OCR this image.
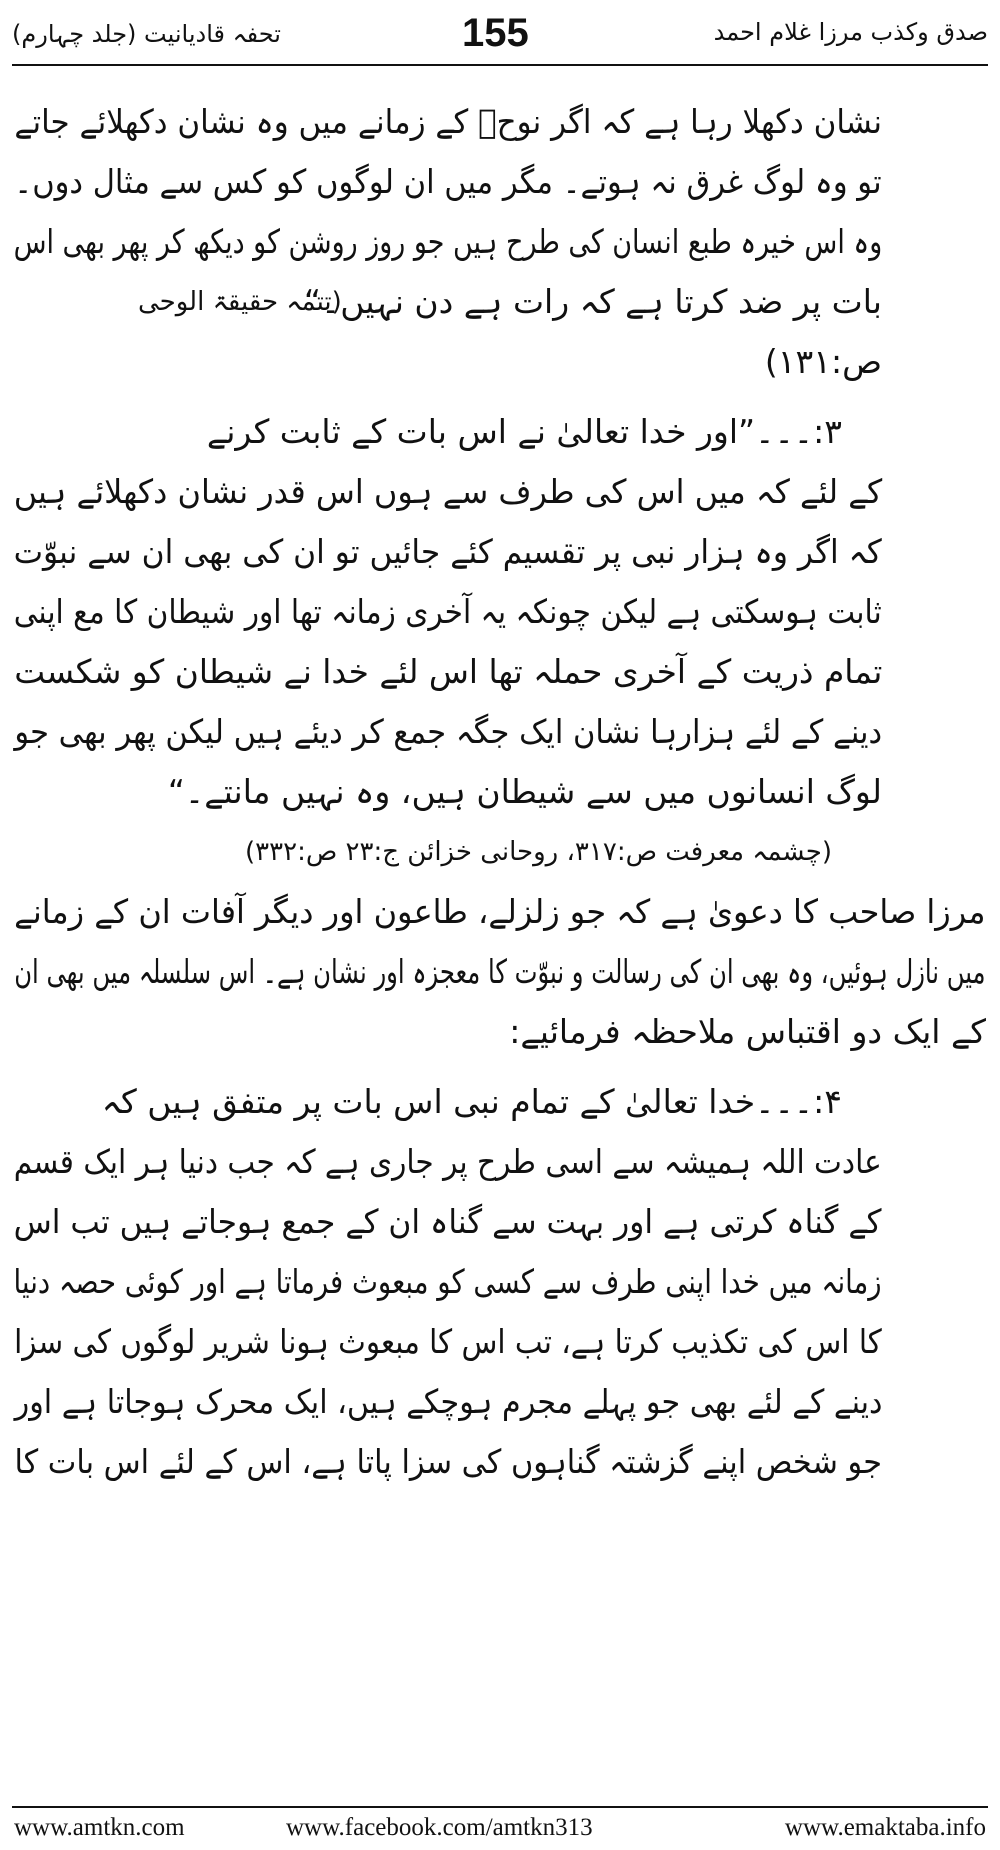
تحفہ قادیانیت (جلد چہارم)	155	صدق وکذب مرزا غلام احمد
نشان دکھلا رہا ہے کہ اگر نوحؑ کے زمانے میں وہ نشان دکھلائے جاتے
تو وہ لوگ غرق نہ ہوتے۔ مگر میں ان لوگوں کو کس سے مثال دوں۔
وہ اس خیرہ طبع انسان کی طرح ہیں جو روز روشن کو دیکھ کر پھر بھی اس
بات پر ضد کرتا ہے کہ رات ہے دن نہیں۔“
(تتمہ حقیقۃ الوحی
ص:۱۳۱)
۳:۔۔۔”اور خدا تعالیٰ نے اس بات کے ثابت کرنے
کے لئے کہ میں اس کی طرف سے ہوں اس قدر نشان دکھلائے ہیں
کہ اگر وہ ہزار نبی پر تقسیم کئے جائیں تو ان کی بھی ان سے نبوّت
ثابت ہوسکتی ہے لیکن چونکہ یہ آخری زمانہ تھا اور شیطان کا مع اپنی
تمام ذریت کے آخری حملہ تھا اس لئے خدا نے شیطان کو شکست
دینے کے لئے ہزارہا نشان ایک جگہ جمع کر دیئے ہیں لیکن پھر بھی جو
لوگ انسانوں میں سے شیطان ہیں، وہ نہیں مانتے۔“
(چشمہ معرفت ص:۳۱۷، روحانی خزائن ج:۲۳ ص:۳۳۲)
مرزا صاحب کا دعویٰ ہے کہ جو زلزلے، طاعون اور دیگر آفات ان کے زمانے
میں نازل ہوئیں، وہ بھی ان کی رسالت و نبوّت کا معجزہ اور نشان ہے۔ اس سلسلہ میں بھی ان
کے ایک دو اقتباس ملاحظہ فرمائیے:
۴:۔۔۔خدا تعالیٰ کے تمام نبی اس بات پر متفق ہیں کہ
عادت اللہ ہمیشہ سے اسی طرح پر جاری ہے کہ جب دنیا ہر ایک قسم
کے گناہ کرتی ہے اور بہت سے گناہ ان کے جمع ہوجاتے ہیں تب اس
زمانہ میں خدا اپنی طرف سے کسی کو مبعوث فرماتا ہے اور کوئی حصہ دنیا
کا اس کی تکذیب کرتا ہے، تب اس کا مبعوث ہونا شریر لوگوں کی سزا
دینے کے لئے بھی جو پہلے مجرم ہوچکے ہیں، ایک محرک ہوجاتا ہے اور
جو شخص اپنے گزشتہ گناہوں کی سزا پاتا ہے، اس کے لئے اس بات کا
www.amtkn.com	www.facebook.com/amtkn313	www.emaktaba.info
